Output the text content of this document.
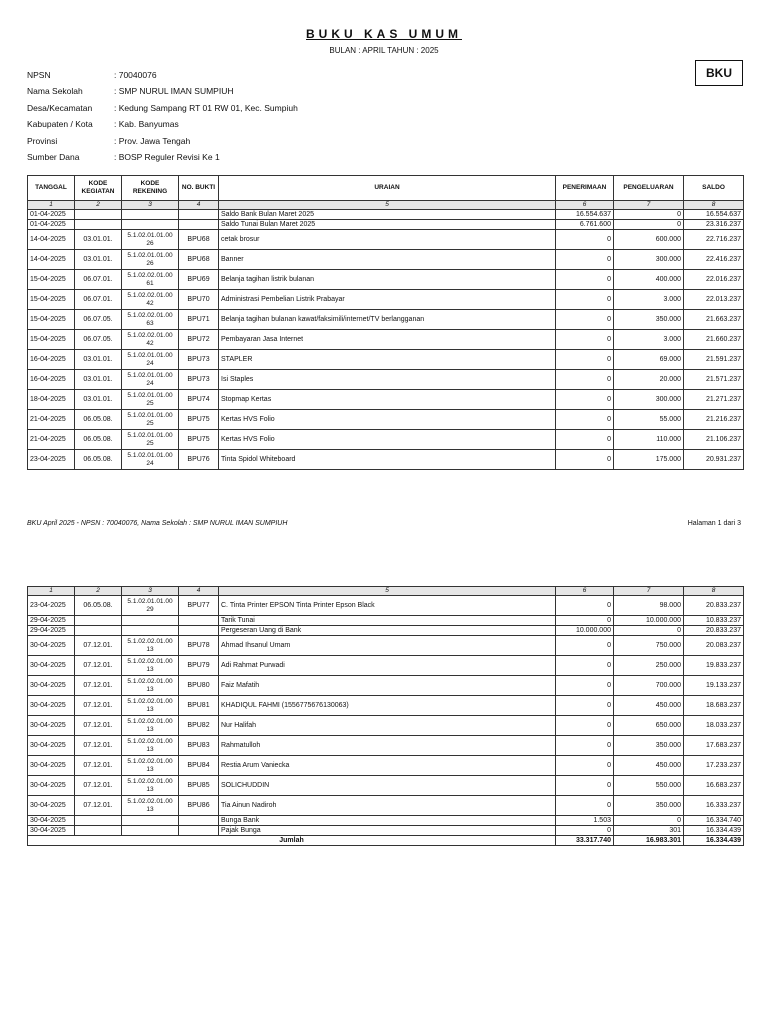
BUKU KAS UMUM
BULAN : APRIL TAHUN : 2025
BKU
NPSN	: 70040076
Nama Sekolah	: SMP NURUL IMAN SUMPIUH
Desa/Kecamatan	: Kedung Sampang RT 01 RW 01, Kec. Sumpiuh
Kabupaten / Kota	: Kab. Banyumas
Provinsi	: Prov. Jawa Tengah
Sumber Dana	: BOSP Reguler Revisi Ke 1
TANGGAL	KODE KEGIATAN	KODE REKENING	NO. BUKTI	URAIAN	PENERIMAAN	PENGELUARAN	SALDO
1	2	3	4	5	6	7	8
01-04-2025				Saldo Bank Bulan Maret 2025	16.554.637	0	16.554.637
01-04-2025				Saldo Tunai Bulan Maret 2025	6.761.600	0	23.316.237
14-04-2025	03.01.01.	5.1.02.01.01.00 26	BPU68	cetak brosur	0	600.000	22.716.237
14-04-2025	03.01.01.	5.1.02.01.01.00 26	BPU68	Banner	0	300.000	22.416.237
15-04-2025	06.07.01.	5.1.02.02.01.00 61	BPU69	Belanja tagihan listrik bulanan	0	400.000	22.016.237
15-04-2025	06.07.01.	5.1.02.02.01.00 42	BPU70	Administrasi Pembelian Listrik Prabayar	0	3.000	22.013.237
15-04-2025	06.07.05.	5.1.02.02.01.00 63	BPU71	Belanja tagihan bulanan kawat/faksimili/internet/TV berlangganan	0	350.000	21.663.237
15-04-2025	06.07.05.	5.1.02.02.01.00 42	BPU72	Pembayaran Jasa Internet	0	3.000	21.660.237
16-04-2025	03.01.01.	5.1.02.01.01.00 24	BPU73	STAPLER	0	69.000	21.591.237
16-04-2025	03.01.01.	5.1.02.01.01.00 24	BPU73	Isi Staples	0	20.000	21.571.237
18-04-2025	03.01.01.	5.1.02.01.01.00 25	BPU74	Stopmap Kertas	0	300.000	21.271.237
21-04-2025	06.05.08.	5.1.02.01.01.00 25	BPU75	Kertas HVS Folio	0	55.000	21.216.237
21-04-2025	06.05.08.	5.1.02.01.01.00 25	BPU75	Kertas HVS Folio	0	110.000	21.106.237
23-04-2025	06.05.08.	5.1.02.01.01.00 24	BPU76	Tinta Spidol Whiteboard	0	175.000	20.931.237
BKU April 2025 - NPSN : 70040076, Nama Sekolah : SMP NURUL IMAN SUMPIUH	Halaman 1 dari 3
1	2	3	4	5	6	7	8
23-04-2025	06.05.08.	5.1.02.01.01.00 29	BPU77	C. Tinta Printer EPSON Tinta Printer Epson Black	0	98.000	20.833.237
29-04-2025				Tarik Tunai	0	10.000.000	10.833.237
29-04-2025				Pergeseran Uang di Bank	10.000.000	0	20.833.237
30-04-2025	07.12.01.	5.1.02.02.01.00 13	BPU78	Ahmad Ihsanul Umam	0	750.000	20.083.237
30-04-2025	07.12.01.	5.1.02.02.01.00 13	BPU79	Adi Rahmat Purwadi	0	250.000	19.833.237
30-04-2025	07.12.01.	5.1.02.02.01.00 13	BPU80	Faiz Mafatih	0	700.000	19.133.237
30-04-2025	07.12.01.	5.1.02.02.01.00 13	BPU81	KHADIQUL FAHMI (1556775676130063)	0	450.000	18.683.237
30-04-2025	07.12.01.	5.1.02.02.01.00 13	BPU82	Nur Halifah	0	650.000	18.033.237
30-04-2025	07.12.01.	5.1.02.02.01.00 13	BPU83	Rahmatulloh	0	350.000	17.683.237
30-04-2025	07.12.01.	5.1.02.02.01.00 13	BPU84	Restia Arum Vaniecka	0	450.000	17.233.237
30-04-2025	07.12.01.	5.1.02.02.01.00 13	BPU85	SOLICHUDDIN	0	550.000	16.683.237
30-04-2025	07.12.01.	5.1.02.02.01.00 13	BPU86	Tia Ainun Nadiroh	0	350.000	16.333.237
30-04-2025				Bunga Bank	1.503	0	16.334.740
30-04-2025				Pajak Bunga	0	301	16.334.439
Jumlah					33.317.740	16.983.301	16.334.439
